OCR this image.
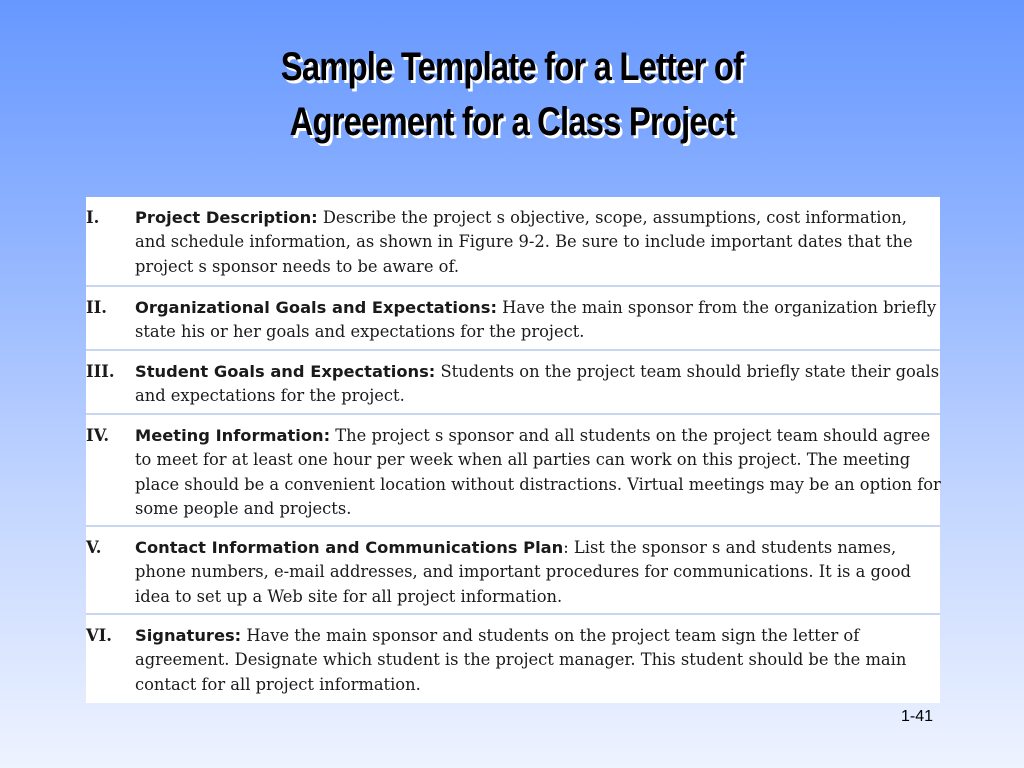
Sample Template for a Letter of
Agreement for a Class Project
I. Project Description: Describe the project s objective, scope, assumptions, cost information, and schedule information, as shown in Figure 9-2. Be sure to include important dates that the project s sponsor needs to be aware of.
II. Organizational Goals and Expectations: Have the main sponsor from the organization briefly state his or her goals and expectations for the project.
III. Student Goals and Expectations: Students on the project team should briefly state their goals and expectations for the project.
IV. Meeting Information: The project s sponsor and all students on the project team should agree to meet for at least one hour per week when all parties can work on this project. The meeting place should be a convenient location without distractions. Virtual meetings may be an option for some people and projects.
V. Contact Information and Communications Plan: List the sponsor s and students names, phone numbers, e-mail addresses, and important procedures for communications. It is a good idea to set up a Web site for all project information.
VI. Signatures: Have the main sponsor and students on the project team sign the letter of agreement. Designate which student is the project manager. This student should be the main contact for all project information.
1-41
